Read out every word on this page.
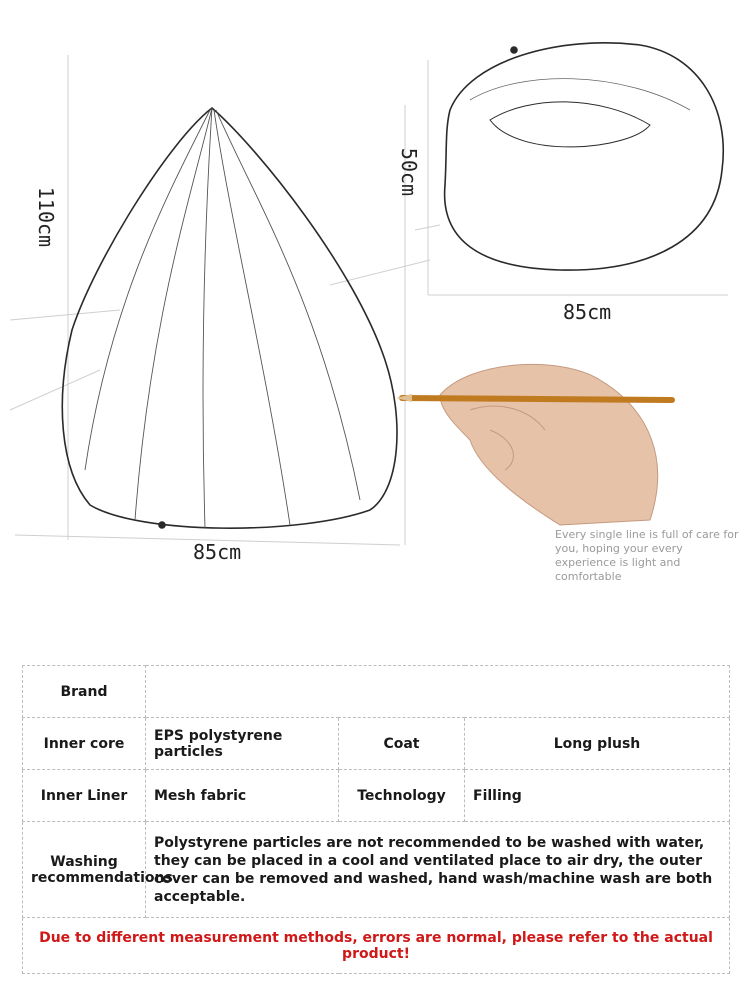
110cm
50cm
85cm
85cm
Every single line is full of care for you, hoping your every experience is light and comfortable
Brand			
Inner core	EPS polystyrene particles	Coat	Long plush
Inner Liner	Mesh fabric	Technology	Filling
Washing recommendations	Polystyrene particles are not recommended to be washed with water, they can be placed in a cool and ventilated place to air dry, the outer cover can be removed and washed, hand wash/machine wash are both acceptable.		
Due to different measurement methods, errors are normal, please refer to the actual product!			
